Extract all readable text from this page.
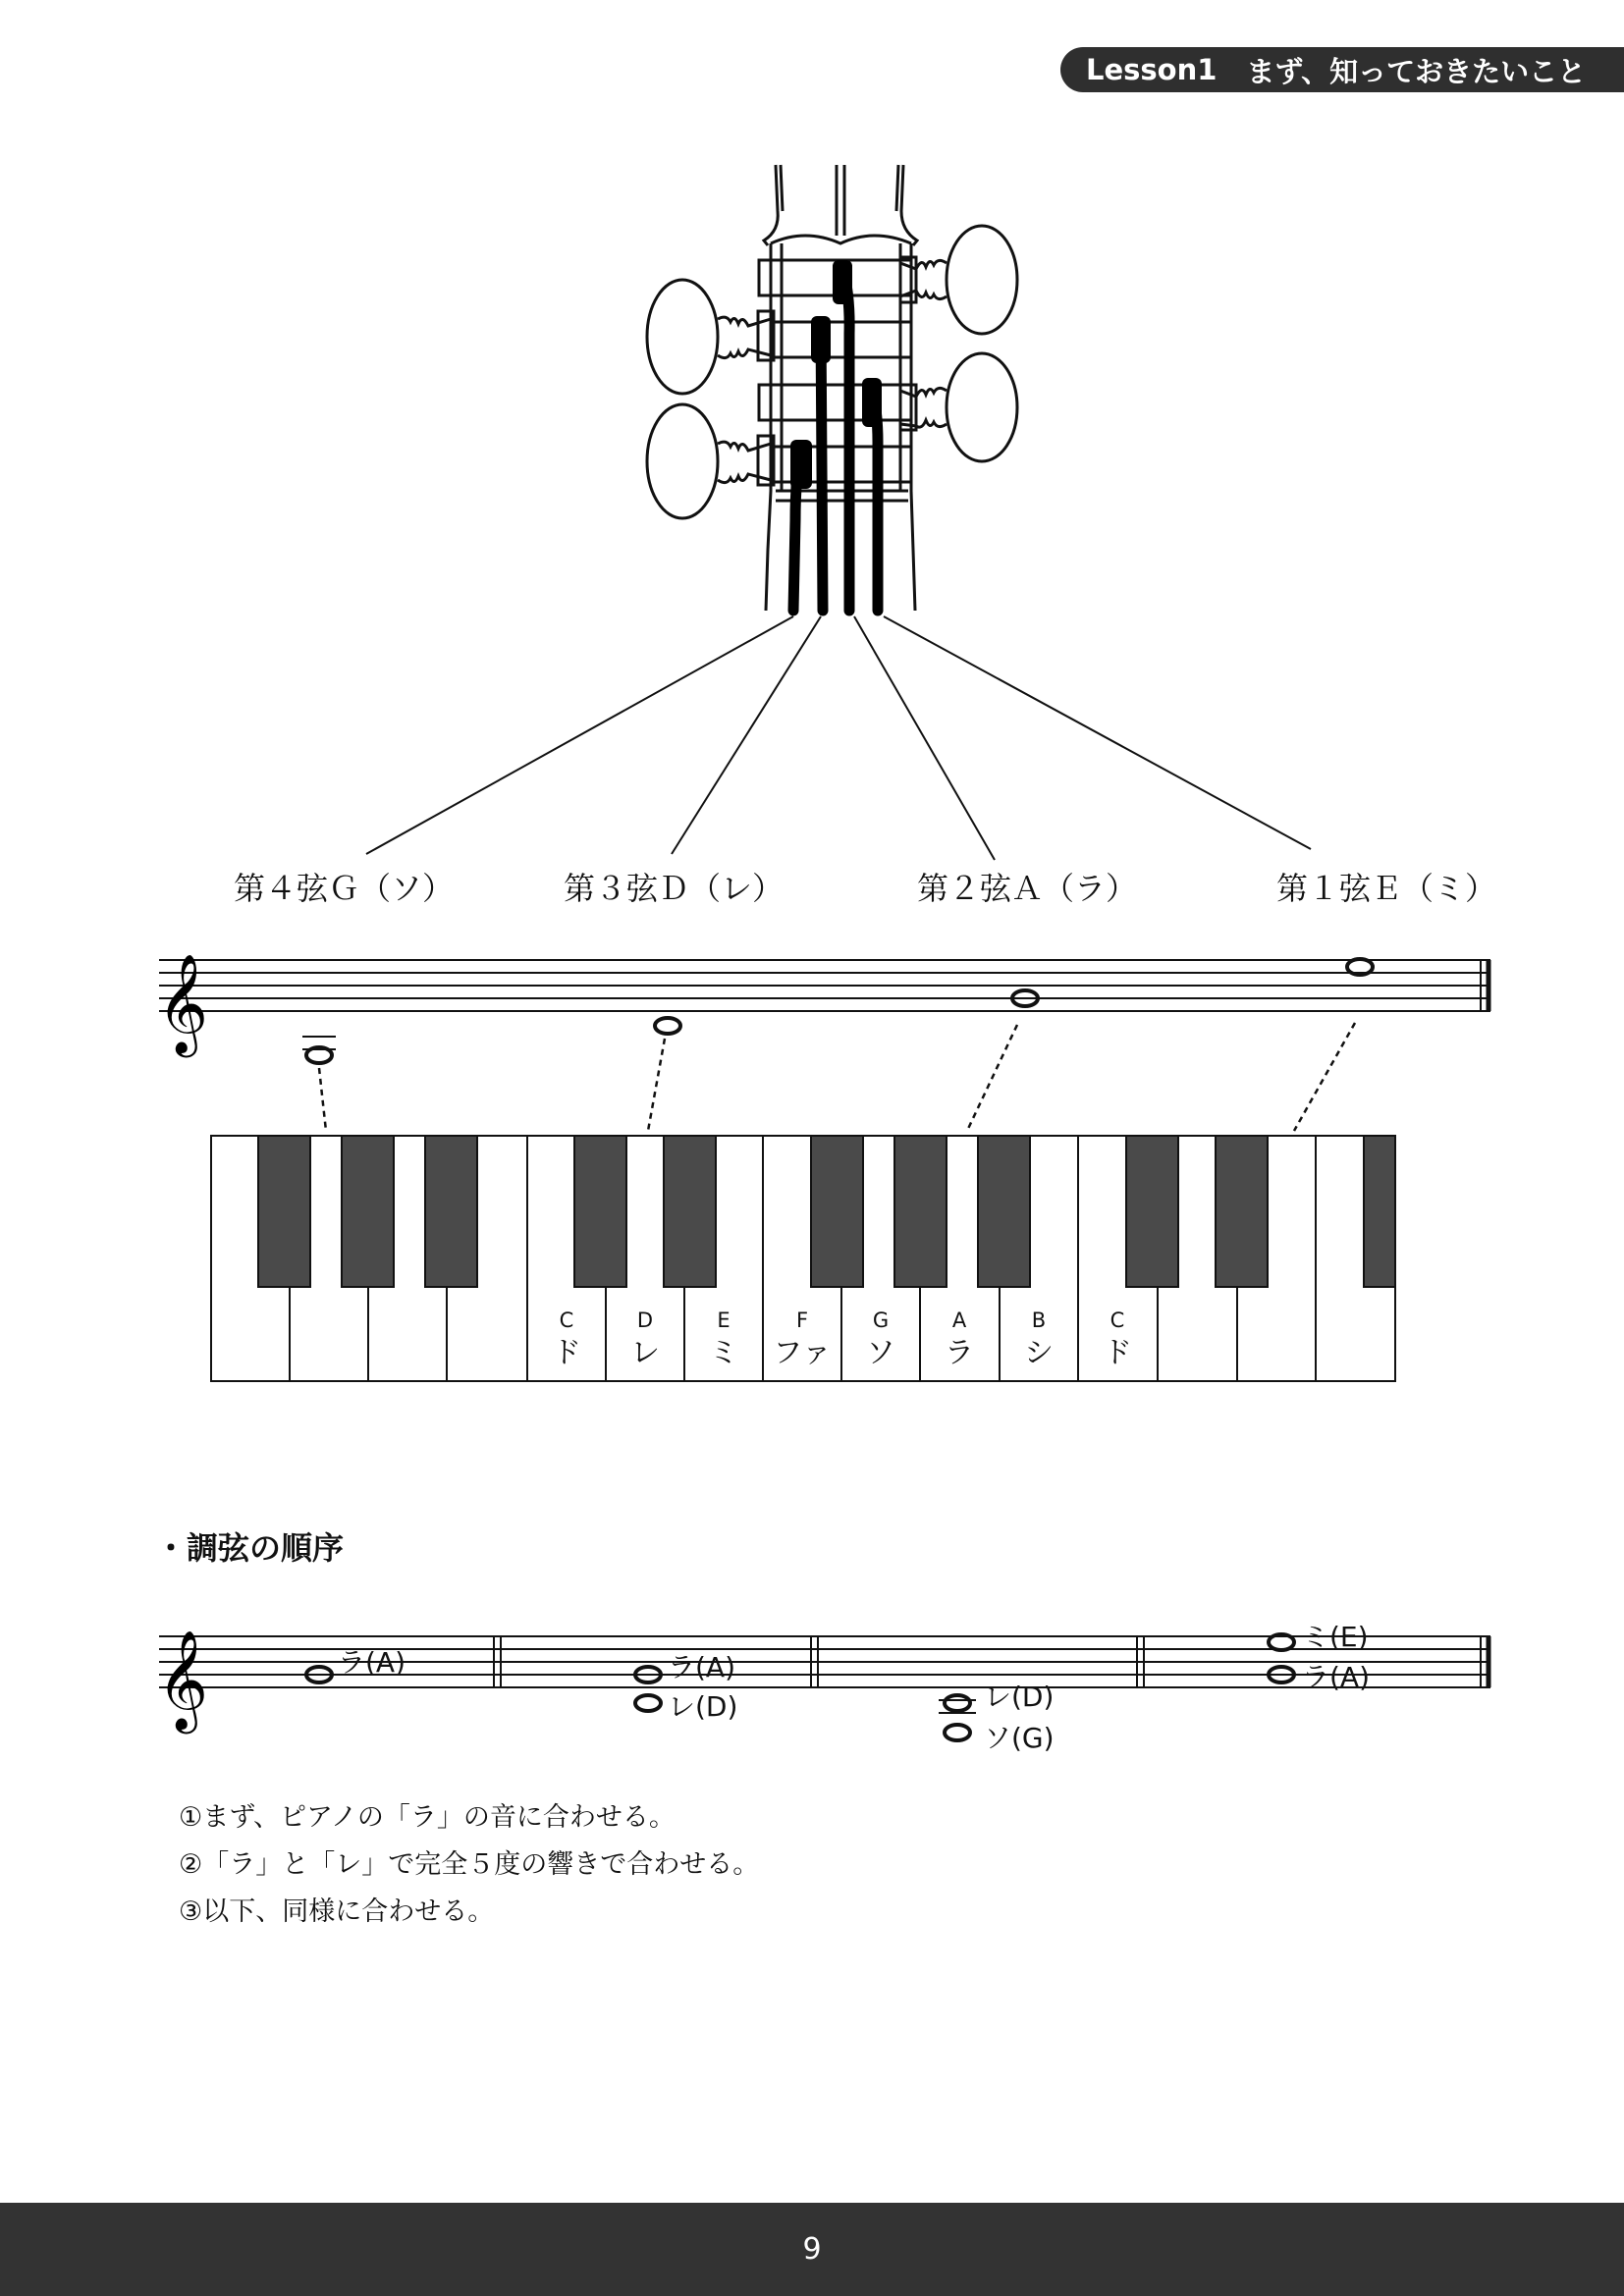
Lesson1 まず、知っておきたいこと
𝄞
C
ド
D
レ
E
ミ
F
ファ
G
ソ
A
ラ
B
シ
C
ド
𝄞	ラ(A)	ラ(A)
レ(D)	レ(D)
ソ(G)
ミ(E)
ラ(A)
第４弦Ｇ（ソ）	第３弦Ｄ（レ）	第２弦Ａ（ラ）	第１弦Ｅ（ミ）
・調弦の順序
①まず、ピアノの「ラ」の音に合わせる。
②「ラ」と「レ」で完全５度の響きで合わせる。
③以下、同様に合わせる。
9
